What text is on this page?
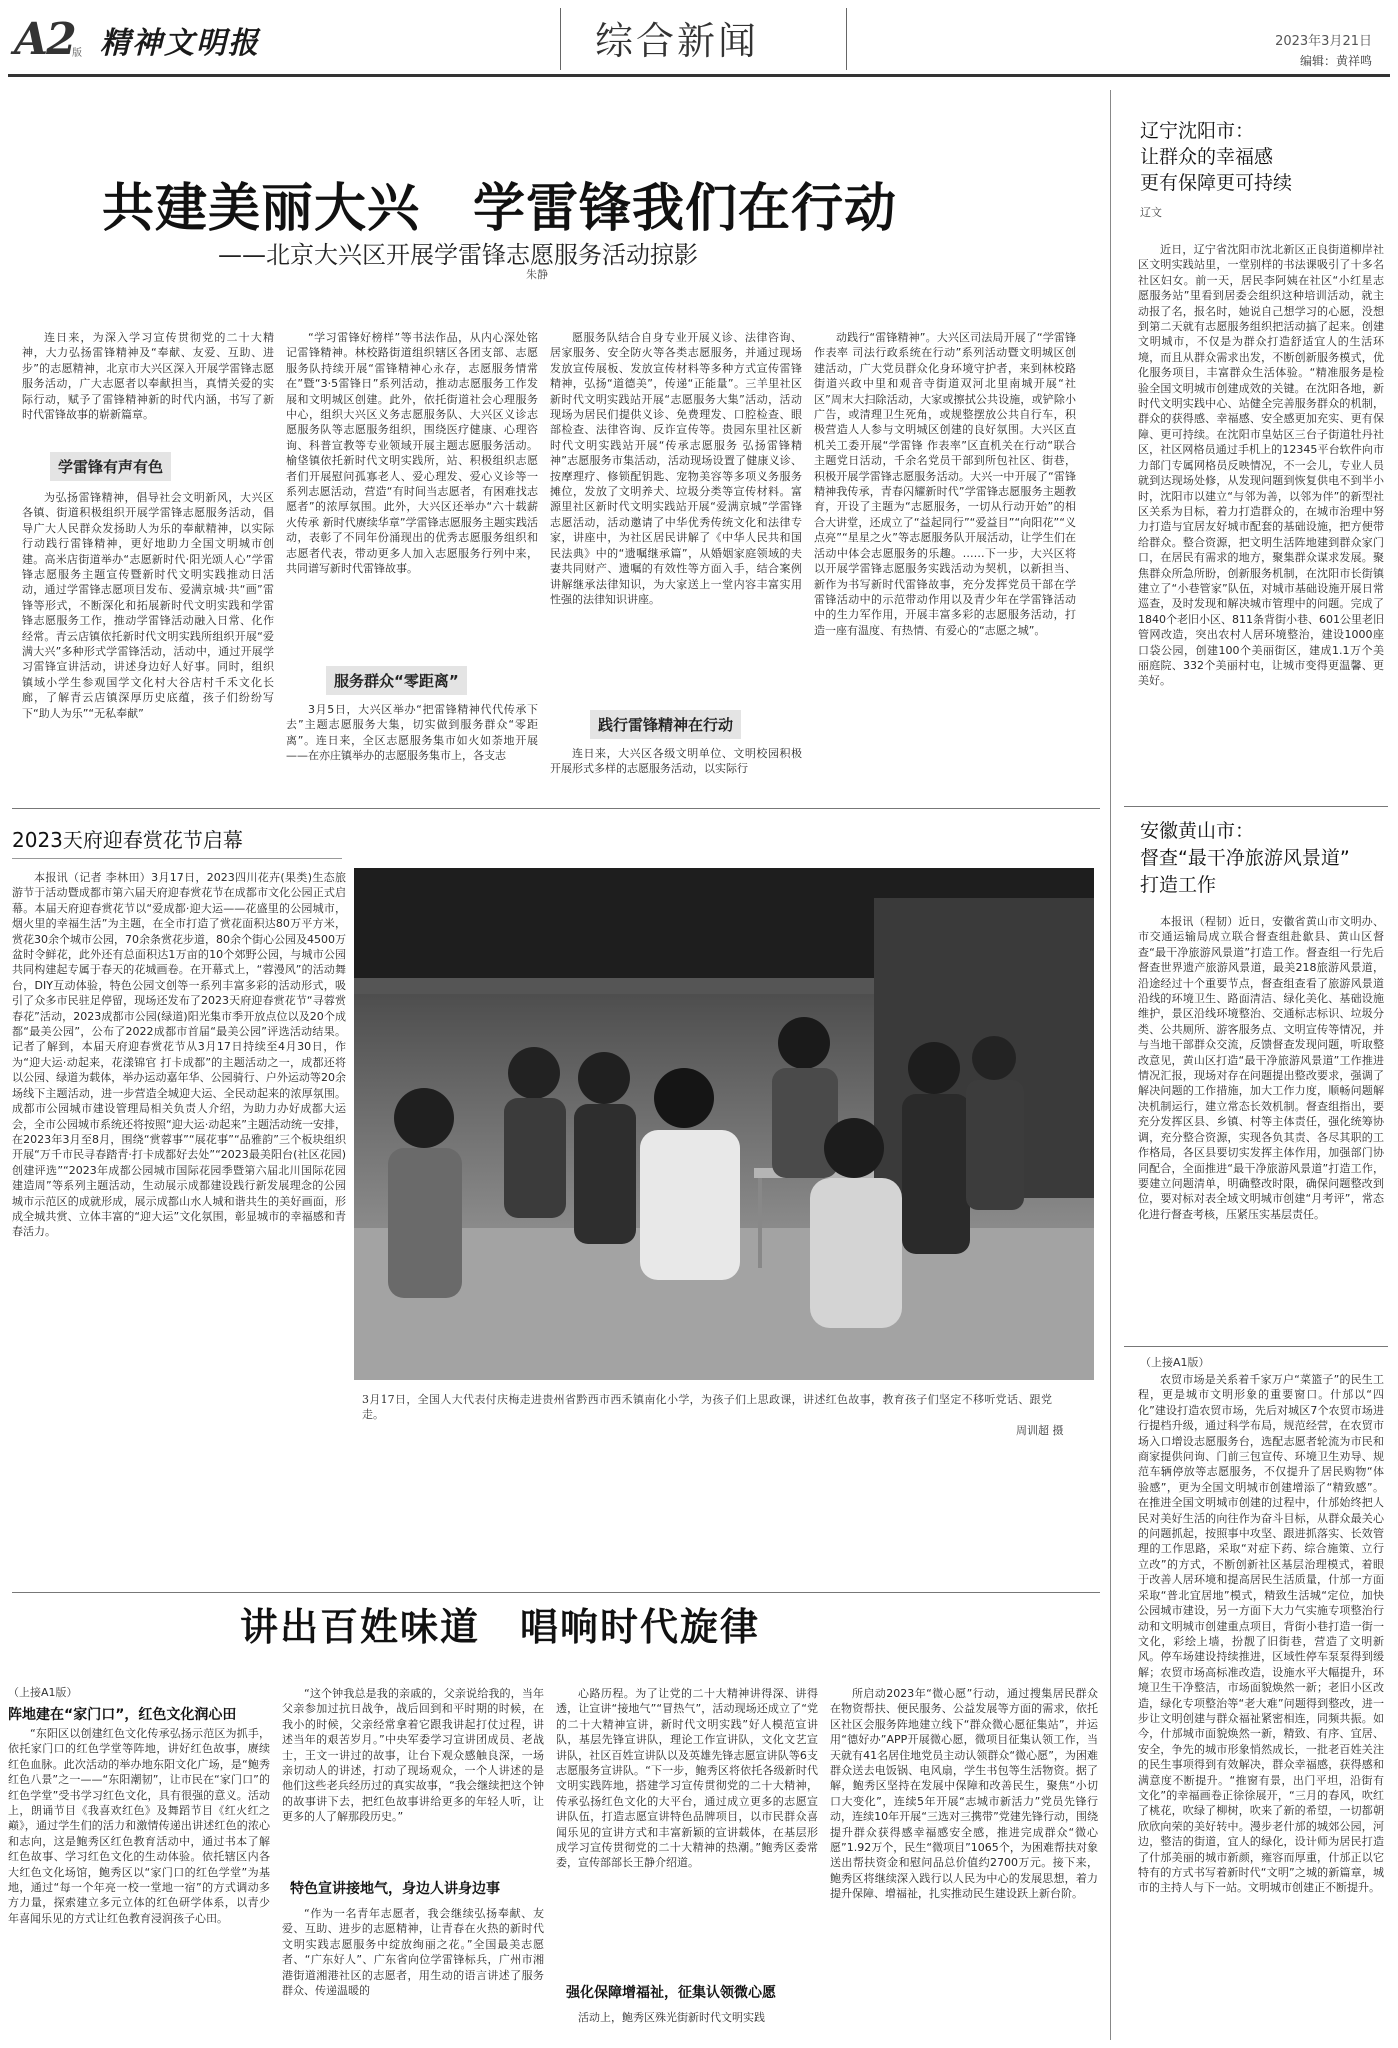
A2
版 精神文明报	综合新闻	2023年3月21日
编辑：黄祥鸣
共建美丽大兴　学雷锋我们在行动
——北京大兴区开展学雷锋志愿服务活动掠影
朱静

连日来，为深入学习宣传贯彻党的二十大精神，大力弘扬雷锋精神及“奉献、友爱、互助、进步”的志愿精神，北京市大兴区深入开展学雷锋志愿服务活动，广大志愿者以奉献担当，真情关爱的实际行动，赋予了雷锋精神新的时代内涵，书写了新时代雷锋故事的崭新篇章。

学雷锋有声有色

为弘扬雷锋精神，倡导社会文明新风，大兴区各镇、街道积极组织开展学雷锋志愿服务活动，倡导广大人民群众发扬助人为乐的奉献精神，以实际行动践行雷锋精神，更好地助力全国文明城市创建。高米店街道举办“志愿新时代·阳光颂人心”学雷锋志愿服务主题宣传暨新时代文明实践推动日活动，通过学雷锋志愿项目发布、爱满京城·共“画”雷锋等形式，不断深化和拓展新时代文明实践和学雷锋志愿服务工作，推动学雷锋活动融入日常、化作经常。青云店镇依托新时代文明实践所组织开展“爱满大兴”多种形式学雷锋活动，活动中，通过开展学习雷锋宣讲活动，讲述身边好人好事。同时，组织镇域小学生参观国学文化村大谷店村千禾文化长廊，了解青云店镇深厚历史底蕴，孩子们纷纷写下“助人为乐”“无私奉献”

“学习雷锋好榜样”等书法作品，从内心深处铭记雷锋精神。林校路街道组织辖区各团支部、志愿服务队持续开展“雷锋精神心永存，志愿服务情常在”暨“3·5雷锋日”系列活动，推动志愿服务工作发展和文明城区创建。此外，依托街道社会心理服务中心，组织大兴区义务志愿服务队、大兴区义诊志愿服务队等志愿服务组织，围绕医疗健康、心理咨询、科普宣教等专业领域开展主题志愿服务活动。榆垡镇依托新时代文明实践所，站、积极组织志愿者们开展慰问孤寡老人、爱心理发、爱心义诊等一系列志愿活动，营造“有时间当志愿者，有困难找志愿者”的浓厚氛围。此外，大兴区还举办“六十载薪火传承 新时代赓续华章”学雷锋志愿服务主题实践活动，表彰了不同年份涌现出的优秀志愿服务组织和志愿者代表，带动更多人加入志愿服务行列中来，共同谱写新时代雷锋故事。

服务群众“零距离”

3月5日，大兴区举办“把雷锋精神代代传承下去”主题志愿服务大集，切实做到服务群众“零距离”。连日来，全区志愿服务集市如火如荼地开展——在亦庄镇举办的志愿服务集市上，各支志

愿服务队结合自身专业开展义诊、法律咨询、居家服务、安全防火等各类志愿服务，并通过现场发放宣传展板、发放宣传材料等多种方式宣传雷锋精神，弘扬“道德美”，传递“正能量”。三羊里社区新时代文明实践站开展“志愿服务大集”活动，活动现场为居民们提供义诊、免费理发、口腔检查、眼部检查、法律咨询、反诈宣传等。贵园东里社区新时代文明实践站开展“传承志愿服务 弘扬雷锋精神”志愿服务市集活动，活动现场设置了健康义诊、按摩理疗、修锁配钥匙、宠物美容等多项义务服务摊位，发放了文明养犬、垃圾分类等宣传材料。富源里社区新时代文明实践站开展“爱满京城”学雷锋志愿活动，活动邀请了中华优秀传统文化和法律专家，讲座中，为社区居民讲解了《中华人民共和国民法典》中的“遗嘱继承篇”，从婚姻家庭领域的夫妻共同财产、遗嘱的有效性等方面入手，结合案例讲解继承法律知识，为大家送上一堂内容丰富实用性强的法律知识讲座。

践行雷锋精神在行动

连日来，大兴区各级文明单位、文明校园积极开展形式多样的志愿服务活动，以实际行

动践行“雷锋精神”。大兴区司法局开展了“学雷锋 作表率 司法行政系统在行动”系列活动暨文明城区创建活动，广大党员群众化身环境守护者，来到林校路街道兴政中里和观音寺街道双河北里南城开展“社区”周末大扫除活动，大家或擦拭公共设施，或铲除小广告，或清理卫生死角，或规整摆放公共自行车，积极营造人人参与文明城区创建的良好氛围。大兴区直机关工委开展“学雷锋 作表率”区直机关在行动“联合主题党日活动，千余名党员干部到所包社区、街巷，积极开展学雷锋志愿服务活动。大兴一中开展了“雷锋精神我传承，青春闪耀新时代”学雷锋志愿服务主题教育，开设了主题为“志愿服务，一切从行动开始”的相合大讲堂，还成立了“益起同行”“爱益目”“向阳花”“义点亮”“星星之火”等志愿服务队开展活动，让学生们在活动中体会志愿服务的乐趣。……下一步，大兴区将以开展学雷锋志愿服务实践活动为契机，以新担当、新作为书写新时代雷锋故事，充分发挥党员干部在学雷锋活动中的示范带动作用以及青少年在学雷锋活动中的生力军作用，开展丰富多彩的志愿服务活动，打造一座有温度、有热情、有爱心的“志愿之城”。

辽宁沈阳市：
让群众的幸福感
更有保障更可持续
辽文

近日，辽宁省沈阳市沈北新区正良街道柳岸社区文明实践站里，一堂别样的书法课吸引了十多名社区妇女。前一天，居民李阿姨在社区“小红星志愿服务站”里看到居委会组织这种培训活动，就主动报了名，报名时，她说自己想学习的心愿，没想到第二天就有志愿服务组织把活动搞了起来。创建文明城市，不仅是为群众打造舒适宜人的生活环境，而且从群众需求出发，不断创新服务模式，优化服务项目，丰富群众生活体验。“精准服务是检验全国文明城市创建成效的关键。在沈阳各地，新时代文明实践中心、站健全完善服务群众的机制，群众的获得感、幸福感、安全感更加充实、更有保障、更可持续。在沈阳市皇姑区三台子街道牡丹社区，社区网格员通过手机上的12345平台软件向市力部门专属网格员反映情况，不一会儿，专业人员就到达现场处修，从发现问题到恢复供电不到半小时，沈阳市以建立“与邻为善，以邻为伴”的新型社区关系为目标，着力打造群众的，在城市治理中努力打造与宜居友好城市配套的基础设施，把方便带给群众。整合资源，把文明生活阵地建到群众家门口，在居民有需求的地方，聚集群众谋求发展。聚焦群众所急所盼，创新服务机制，在沈阳市长街镇建立了“小巷管家”队伍，对城市基础设施开展日常巡查，及时发现和解决城市管理中的问题。完成了1840个老旧小区、811条背街小巷、601公里老旧管网改造，突出农村人居环境整治，建设1000座口袋公园，创建100个美丽街区，建成1.1万个美丽庭院、332个美丽村屯，让城市变得更温馨、更美好。

安徽黄山市：
督查“最干净旅游风景道”
打造工作

本报讯（程韧）近日，安徽省黄山市文明办、市交通运输局成立联合督查组赴歙县、黄山区督查“最干净旅游风景道”打造工作。督查组一行先后督查世界遗产旅游风景道，最美218旅游风景道，沿途经过十个重要节点，督查组查看了旅游风景道沿线的环境卫生、路面清洁、绿化美化、基础设施维护，景区沿线环境整治、交通标志标识、垃圾分类、公共厕所、游客服务点、文明宣传等情况，并与当地干部群众交流，反馈督查发现问题，听取整改意见，黄山区打造“最干净旅游风景道”工作推进情况汇报，现场对存在问题提出整改要求，强调了解决问题的工作措施，加大工作力度，顺畅问题解决机制运行，建立常态长效机制。督查组指出，要充分发挥区县、乡镇、村等主体责任，强化统筹协调，充分整合资源，实现各负其责、各尽其职的工作格局，各区县要切实发挥主体作用，加强部门协同配合，全面推进“最干净旅游风景道”打造工作，要建立问题清单，明确整改时限，确保问题整改到位，要对标对表全域文明城市创建“月考评”，常态化进行督查考核，压紧压实基层责任。

（上接A1版）

农贸市场是关系着千家万户“菜篮子”的民生工程，更是城市文明形象的重要窗口。什邡以“四化”建设打造农贸市场，先后对城区7个农贸市场进行提档升级，通过科学布局，规范经营，在农贸市场入口增设志愿服务台，选配志愿者轮流为市民和商家提供问询、门前三包宣传、环境卫生劝导、规范车辆停放等志愿服务，不仅提升了居民购物“体验感”，更为全国文明城市创建增添了“精致感”。在推进全国文明城市创建的过程中，什邡始终把人民对美好生活的向往作为奋斗目标，从群众最关心的问题抓起，按照事中攻坚、跟进抓落实、长效管理的工作思路，采取“对症下药、综合施策、立行立改”的方式，不断创新社区基层治理模式，着眼于改善人居环境和提高居民生活质量，什邡一方面采取“普北宜居地”模式，精致生活城“定位，加快公园城市建设，另一方面下大力气实施专项整治行动和文明城市创建重点项目，背街小巷打造一街一文化，彩绘上墙，扮靓了旧街巷，营造了文明新风。停车场建设持续推进，区域性停车泵泵得到缓解；农贸市场高标准改造，设施水平大幅提升，环境卫生干净整洁，市场面貌焕然一新；老旧小区改造，绿化专项整治等“老大难”问题得到整改，进一步让文明创建与群众福祉紧密相连，同频共振。如今，什邡城市面貌焕然一新，精致、有序、宜居、安全，争先的城市形象悄然成长，一批老百姓关注的民生事项得到有效解决，群众幸福感，获得感和满意度不断提升。“推窗有景，出门平坦，沿街有文化”的幸福画卷正徐徐展开，“三月的春风，吹红了桃花，吹绿了柳树，吹来了新的希望，一切都朝欣欣向荣的美好转中。漫步老什邡的城郊公园，河边，整洁的街道，宜人的绿化，设计师为居民打造了什邡美丽的城市新颜，雍容而厚重，什邡正以它特有的方式书写着新时代“文明”之城的新篇章，城市的主持人与下一站。文明城市创建正不断提升。

2023天府迎春赏花节启幕

本报讯（记者 李林田）3月17日，2023四川花卉(果类)生态旅游节于活动暨成都市第六届天府迎春赏花节在成都市文化公园正式启幕。本届天府迎春赏花节以“爱成都·迎大运——花盛里的公园城市，烟火里的幸福生活”为主题，在全市打造了赏花面积达80万平方米，赏花30余个城市公园，70余条赏花步道，80余个街心公园及4500万盆时令鲜花，此外还有总面积达1万亩的10个郊野公园，与城市公园共同构建起专属于春天的花城画卷。在开幕式上，“蓉漫风”的活动舞台，DIY互动体验，特色公园文创等一系列丰富多彩的活动形式，吸引了众多市民驻足停留，现场还发布了2023天府迎春赏花节“寻蓉赏春花”活动，2023成都市公园(绿道)阳光集市季开放点位以及20个成都“最美公园”，公布了2022成都市首届“最美公园”评选活动结果。记者了解到，本届天府迎春赏花节从3月17日持续至4月30日，作为“迎大运·动起来，花漾锦官 打卡成都”的主题活动之一，成都还将以公园、绿道为载体，举办运动嘉年华、公园骑行、户外运动等20余场线下主题活动，进一步营造全城迎大运、全民动起来的浓厚氛围。成都市公园城市建设管理局相关负责人介绍，为助力办好成都大运会，全市公园城市系统还将按照“迎大运·动起来”主题活动统一安排，在2023年3月至8月，围绕“赏蓉事”“展花事”“品雅韵”三个板块组织开展“万千市民寻春踏青·打卡成都好去处”“2023最美阳台(社区花园)创建评选”“2023年成都公园城市国际花园季暨第六届北川国际花园建造周”等系列主题活动，生动展示成都建设践行新发展理念的公园城市示范区的成就形成，展示成都山水人城和谐共生的美好画面，形成全城共赏、立体丰富的“迎大运”文化氛围，彰显城市的幸福感和青春活力。

3月17日，全国人大代表付庆梅走进贵州省黔西市西禾镇南化小学，为孩子们上思政课，讲述红色故事，教育孩子们坚定不移听党话、跟党走。
周训超 摄
讲出百姓味道　唱响时代旋律
（上接A1版）
阵地建在“家门口”，红色文化润心田

“东阳区以创建红色文化传承弘扬示范区为抓手，依托家门口的红色学堂等阵地，讲好红色故事，赓续红色血脉。此次活动的举办地东阳文化广场，是“鲍秀红色八景”之一——“东阳潮韧”，让市民在“家门口”的红色学堂”受书学习红色文化，具有很强的意义。活动上，朗诵节目《我喜欢红色》及舞蹈节目《红火红之巅》，通过学生们的活力和激情传递出讲述红色的浓心和志向，这是鲍秀区红色教育活动中，通过书本了解红色故事、学习红色文化的生动体验。依托辖区内各大红色文化场馆，鲍秀区以“家门口的红色学堂”为基地，通过“每一个年亮一校一堂地一宿”的方式调动多方力量，探索建立多元立体的红色研学体系，以青少年喜闻乐见的方式让红色教育浸润孩子心田。

“这个钟我总是我的亲戚的，父亲说给我的，当年父亲参加过抗日战争，战后回到和平时期的时候，在我小的时候，父亲经常拿着它跟我讲起打仗过程，讲述当年的艰苦岁月。”中央军委学习宣讲团成员、老战士，王文一讲过的故事，让台下观众感触良深，一场亲切动人的讲述，打动了现场观众，一个人讲述的是他们这些老兵经历过的真实故事，“我会继续把这个钟的故事讲下去，把红色故事讲给更多的年轻人听，让更多的人了解那段历史。”

特色宣讲接地气，身边人讲身边事

“作为一名青年志愿者，我会继续弘扬奉献、友爱、互助、进步的志愿精神，让青春在火热的新时代文明实践志愿服务中绽放绚丽之花。”全国最美志愿者、“广东好人”、广东省向位学雷锋标兵，广州市湘港街道湘港社区的志愿者，用生动的语言讲述了服务群众、传递温暖的

心路历程。为了让党的二十大精神讲得深、讲得透，让宣讲“接地气”“冒热气”，活动现场还成立了“党的二十大精神宣讲，新时代文明实践”好人模范宣讲队，基层先锋宣讲队，理论工作宣讲队，文化文艺宣讲队，社区百姓宣讲队以及英雄先锋志愿宣讲队等6支志愿服务宣讲队。“下一步，鲍秀区将依托各级新时代文明实践阵地，搭建学习宣传贯彻党的二十大精神，传承弘扬红色文化的大平台，通过成立更多的志愿宣讲队伍，打造志愿宣讲特色品牌项目，以市民群众喜闻乐见的宣讲方式和丰富新颖的宣讲载体，在基层形成学习宣传贯彻党的二十大精神的热潮。”鲍秀区委常委，宣传部部长王静介绍道。

强化保障增福祉，征集认领微心愿

活动上，鲍秀区殊光街新时代文明实践

所启动2023年“微心愿”行动，通过搜集居民群众在物资帮扶、便民服务、公益发展等方面的需求，依托区社区会服务阵地建立线下“群众微心愿征集站”，并运用“德好办”APP开展微心愿，微项目征集认领工作，当天就有41名居住地党员主动认领群众“微心愿”，为困难群众送去电饭锅、电风扇，学生书包等生活物资。据了解，鲍秀区坚持在发展中保障和改善民生，聚焦“小切口大变化”，连续5年开展“志城市新活力”党员先锋行动，连续10年开展“三选对三携带”党建先锋行动，围绕提升群众获得感幸福感安全感，推进完成群众“微心愿”1.92万个，民生“微项目”1065个，为困难帮扶对象送出帮扶资金和慰问品总价值约2700万元。接下来，鲍秀区将继续深入践行以人民为中心的发展思想，着力提升保障、增福祉，扎实推动民生建设跃上新台阶。
